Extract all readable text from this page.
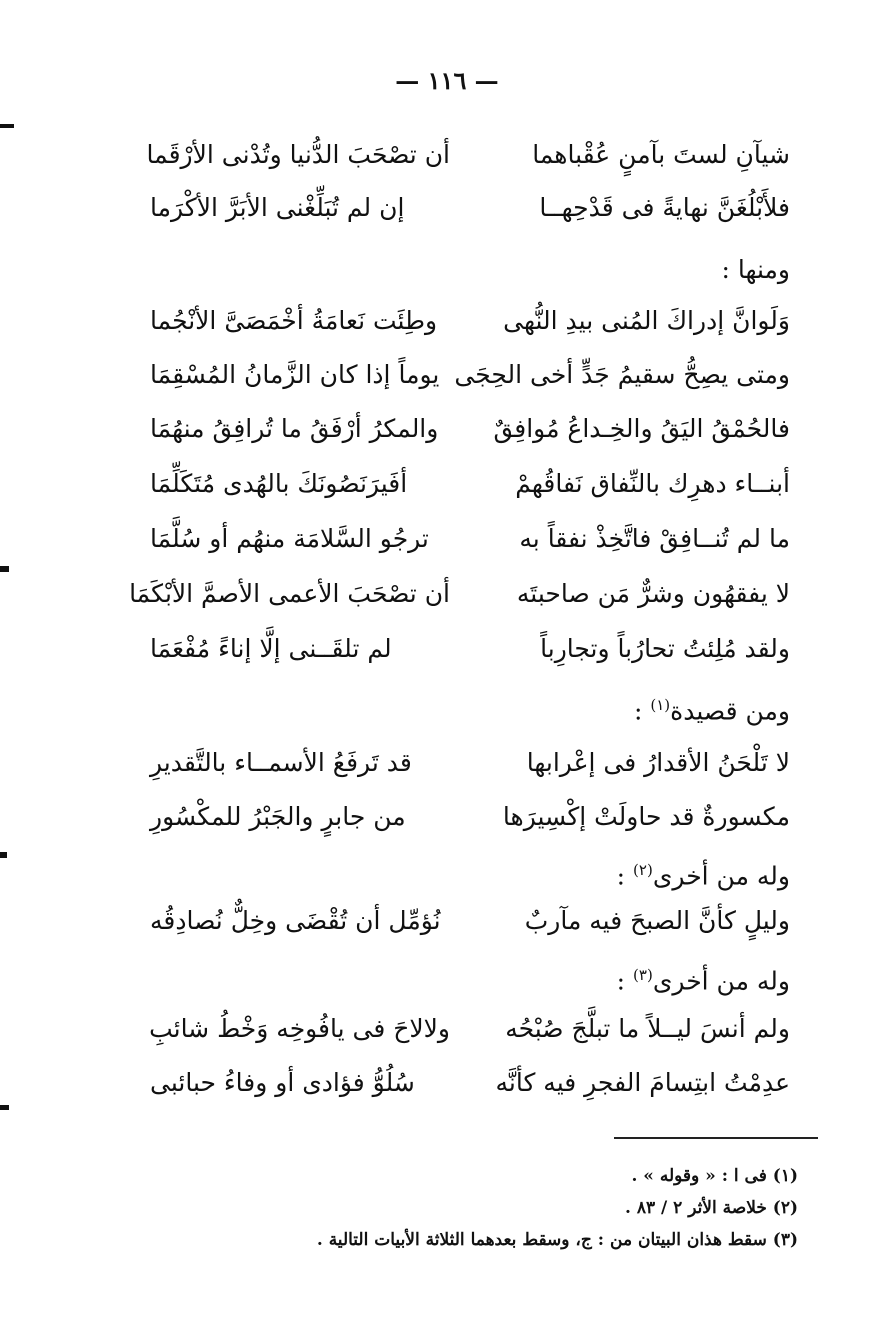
— ١١٦ —
شيآنِ لستَ بآمنٍ عُقْباهما
أن تصْحَبَ الدُّنيا وتُدْنى الأرْقَما
فلأَبْلُغَنَّ نهايةً فى قَدْحِهــا
إن لم تُبَلِّغْنى الأبَرَّ الأكْرَما
ومنها :
وَلَوانَّ إدراكَ المُنى بيدِ النُّهى
وطِئَت نَعامَةُ أخْمَصَىَّ الأنْجُما
ومتى يصِحُّ سقيمُ جَدٍّ أخى الحِجَى
يوماً إذا كان الزَّمانُ المُسْقِمَا
فالحُمْقُ اليَقُ والخِـداعُ مُوافِقٌ
والمكرُ أرْفَقُ ما تُرافِقُ منهُمَا
أبنــاء دهرِك بالنِّفاق نَفاقُهمْ
أفَيرَنَصُونَكَ بالهُدى مُتَكَلِّمَا
ما لم تُنــافِقْ فاتَّخِذْ نفقاً به
ترجُو السَّلامَة منهُم أو سُلَّمَا
لا يفقهُون وشرٌّ مَن صاحبتَه
أن تصْحَبَ الأعمى الأصمَّ الأبْكَمَا
ولقد مُلِئتُ تحارُباً وتجارِباً
لم تلقَــنى إلَّا إناءً مُفْعَمَا
ومن قصيدة$^{(١)}$ :
لا تَلْحَنُ الأقدارُ فى إعْرابها
قد تَرفَعُ الأسمــاء بالتَّقديرِ
مكسورةٌ قد حاولَتْ إكْسِيرَها
من جابرٍ والجَبْرُ للمكْسُورِ
وله من أخرى$^{(٢)}$ :
وليلٍ كأنَّ الصبحَ فيه مآربٌ
نُؤمِّل أن تُقْضَى وخِلٌّ نُصادِقُه
وله من أخرى$^{(٣)}$ :
ولم أنسَ ليــلاً ما تبلَّجَ صُبْحُه
ولالاحَ فى يافُوخِه وَخْطُ شائبِ
عدِمْتُ ابتِسامَ الفجرِ فيه كأنَّه
سُلُوُّ فؤادى أو وفاءُ حبائبى
(١) فى ا : « وقوله » .
(٢) خلاصة الأثر ٢ / ٨٣ .
(٣) سقط هذان البيتان من : ج، وسقط بعدهما الثلاثة الأبيات التالية .
